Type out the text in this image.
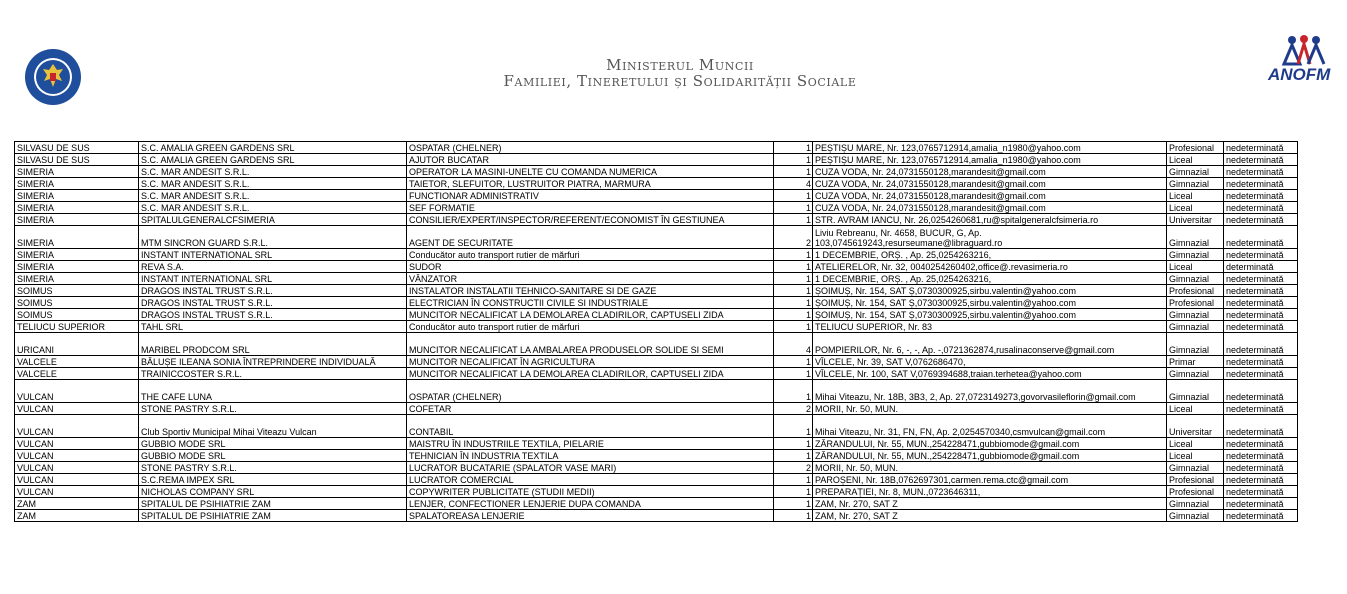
Ministerul Muncii
Familiei, Tineretului și Solidarității Sociale	ANOFM
SILVASU DE SUS	S.C. AMALIA GREEN GARDENS SRL	OSPATAR (CHELNER)	1	PEȘTIȘU MARE, Nr. 123,0765712914,amalia_n1980@yahoo.com	Profesional	nedeterminată
SILVASU DE SUS	S.C. AMALIA GREEN GARDENS SRL	AJUTOR BUCATAR	1	PEȘTIȘU MARE, Nr. 123,0765712914,amalia_n1980@yahoo.com	Liceal	nedeterminată
SIMERIA	S.C. MAR ANDESIT S.R.L.	OPERATOR LA MASINI-UNELTE CU COMANDA NUMERICA	1	CUZA VODA, Nr. 24,0731550128,marandesit@gmail.com	Gimnazial	nedeterminată
SIMERIA	S.C. MAR ANDESIT S.R.L.	TAIETOR, SLEFUITOR, LUSTRUITOR PIATRA, MARMURA	4	CUZA VODA, Nr. 24,0731550128,marandesit@gmail.com	Gimnazial	nedeterminată
SIMERIA	S.C. MAR ANDESIT S.R.L.	FUNCTIONAR ADMINISTRATIV	1	CUZA VODA, Nr. 24,0731550128,marandesit@gmail.com	Liceal	nedeterminată
SIMERIA	S.C. MAR ANDESIT S.R.L.	SEF FORMATIE	1	CUZA VODA, Nr. 24,0731550128,marandesit@gmail.com	Liceal	nedeterminată
SIMERIA	SPITALULGENERALCFSIMERIA	CONSILIER/EXPERT/INSPECTOR/REFERENT/ECONOMIST ÎN GESTIUNEA	1	STR. AVRAM IANCU, Nr. 26,0254260681,ru@spitalgeneralcfsimeria.ro	Universitar	nedeterminată
SIMERIA	MTM SINCRON GUARD S.R.L.	AGENT DE SECURITATE	2	Liviu Rebreanu, Nr. 4658, BUCUR, G, Ap. 103,0745619243,resurseumane@libraguard.ro	Gimnazial	nedeterminată
SIMERIA	INSTANT INTERNATIONAL SRL	Conducător auto transport rutier de mărfuri	1	1 DECEMBRIE, ORȘ. , Ap. 25,0254263216,	Gimnazial	nedeterminată
SIMERIA	REVA S.A.	SUDOR	1	ATELIERELOR, Nr. 32, 0040254260402,office@.revasimeria.ro	Liceal	determinată
SIMERIA	INSTANT INTERNATIONAL SRL	VÂNZATOR	1	1 DECEMBRIE, ORȘ. , Ap. 25,0254263216,	Gimnazial	nedeterminată
SOIMUS	DRAGOS INSTAL TRUST S.R.L.	INSTALATOR INSTALATII TEHNICO-SANITARE SI DE GAZE	1	ȘOIMUȘ, Nr. 154, SAT Ș,0730300925,sirbu.valentin@yahoo.com	Profesional	nedeterminată
SOIMUS	DRAGOS INSTAL TRUST S.R.L.	ELECTRICIAN ÎN CONSTRUCTII CIVILE SI INDUSTRIALE	1	ȘOIMUȘ, Nr. 154, SAT Ș,0730300925,sirbu.valentin@yahoo.com	Profesional	nedeterminată
SOIMUS	DRAGOS INSTAL TRUST S.R.L.	MUNCITOR NECALIFICAT LA DEMOLAREA CLADIRILOR, CAPTUSELI ZIDA	1	ȘOIMUȘ, Nr. 154, SAT Ș,0730300925,sirbu.valentin@yahoo.com	Gimnazial	nedeterminată
TELIUCU SUPERIOR	TAHL SRL	Conducător auto transport rutier de mărfuri	1	TELIUCU SUPERIOR, Nr. 83	Gimnazial	nedeterminată
URICANI	MARIBEL PRODCOM SRL	MUNCITOR NECALIFICAT LA AMBALAREA PRODUSELOR SOLIDE SI SEMI	4	POMPIERILOR, Nr. 6, -, -, Ap. -,0721362874,rusalinaconserve@gmail.com	Gimnazial	nedeterminată
VALCELE	BĂLUȘE ILEANA SONIA ÎNTREPRINDERE INDIVIDUALĂ	MUNCITOR NECALIFICAT ÎN AGRICULTURA	1	VÎLCELE, Nr. 39, SAT V,0762686470,	Primar	nedeterminată
VALCELE	TRAINICCOSTER S.R.L.	MUNCITOR NECALIFICAT LA DEMOLAREA CLADIRILOR, CAPTUSELI ZIDA	1	VÎLCELE, Nr. 100, SAT V,0769394688,traian.terhetea@yahoo.com	Gimnazial	nedeterminată
VULCAN	THE CAFE LUNA	OSPATAR (CHELNER)	1	Mihai Viteazu, Nr. 18B, 3B3, 2, Ap. 27,0723149273,govorvasileflorin@gmail.com	Gimnazial	nedeterminată
VULCAN	STONE PASTRY S.R.L.	COFETAR	2	MORII, Nr. 50, MUN.	Liceal	nedeterminată
VULCAN	Club Sportiv Municipal Mihai Viteazu Vulcan	CONTABIL	1	Mihai Viteazu, Nr. 31, FN, FN, Ap. 2,0254570340,csmvulcan@gmail.com	Universitar	nedeterminată
VULCAN	GUBBIO MODE SRL	MAISTRU ÎN INDUSTRIILE TEXTILA, PIELARIE	1	ZĂRANDULUI, Nr. 55, MUN.,254228471,gubbiomode@gmail.com	Liceal	nedeterminată
VULCAN	GUBBIO MODE SRL	TEHNICIAN ÎN INDUSTRIA TEXTILA	1	ZĂRANDULUI, Nr. 55, MUN.,254228471,gubbiomode@gmail.com	Liceal	nedeterminată
VULCAN	STONE PASTRY S.R.L.	LUCRATOR BUCATARIE (SPALATOR VASE MARI)	2	MORII, Nr. 50, MUN.	Gimnazial	nedeterminată
VULCAN	S.C.REMA IMPEX SRL	LUCRATOR COMERCIAL	1	PAROȘENI, Nr. 18B,0762697301,carmen.rema.ctc@gmail.com	Profesional	nedeterminată
VULCAN	NICHOLAS COMPANY SRL	COPYWRITER PUBLICITATE (STUDII MEDII)	1	PREPARAȚIEI, Nr. 8, MUN.,0723646311,	Profesional	nedeterminată
ZAM	SPITALUL DE PSIHIATRIE ZAM	LENJER, CONFECTIONER LENJERIE DUPA COMANDA	1	ZAM, Nr. 270, SAT Z	Gimnazial	nedeterminată
ZAM	SPITALUL DE PSIHIATRIE ZAM	SPALATOREASA LENJERIE	1	ZAM, Nr. 270, SAT Z	Gimnazial	nedeterminată
